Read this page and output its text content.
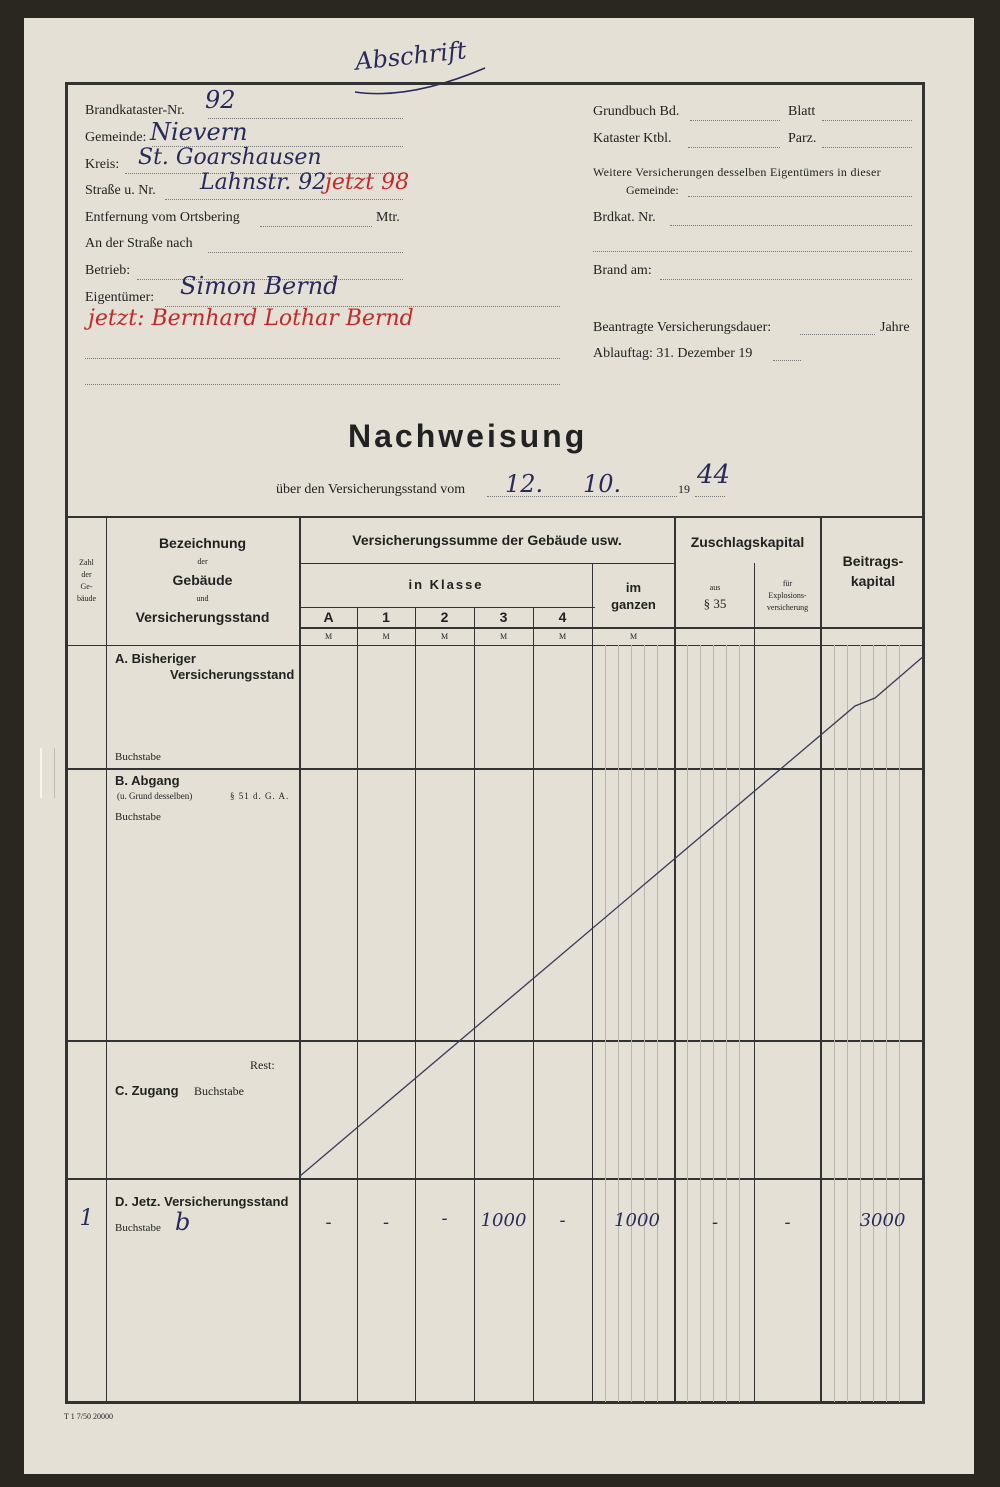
Abschrift
Brandkataster-Nr. 92
Gemeinde: Nievern
Kreis: St. Goarshausen
Straße u. Nr. Lahnstr. 92
jetzt 98
Entfernung vom Ortsbering	Mtr.
An der Straße nach
Betrieb:
Eigentümer: Simon Bernd
jetzt: Bernhard Lothar Bernd
Grundbuch Bd.	Blatt
Kataster Ktbl.	Parz.
Weitere Versicherungen desselben Eigentümers in dieser
Gemeinde:
Brdkat. Nr.
Brand am:
Beantragte Versicherungsdauer:	Jahre
Ablauftag: 31. Dezember 19
Nachweisung
über den Versicherungsstand vom 12. 10.	19 44
Zahl
der
Ge-
bäude
Bezeichnung
der
Gebäude
und
Versicherungsstand
Versicherungssumme der Gebäude usw.
in Klasse
A	1	2	3	4
im
ganzen
Zuschlagskapital
aus
§ 35
für
Explosions-
versicherung
Beitrags-
kapital
M	M	M	M	M	M
A. Bisheriger
Versicherungsstand
Buchstabe
B. Abgang
(u. Grund desselben)	§ 51 d. G. A.
Buchstabe
Rest:
C. Zugang Buchstabe
D. Jetz. Versicherungsstand
Buchstabe
1	b	-	-	-	1000	-	1000	-	-	3000
T 1 7/50 20000
